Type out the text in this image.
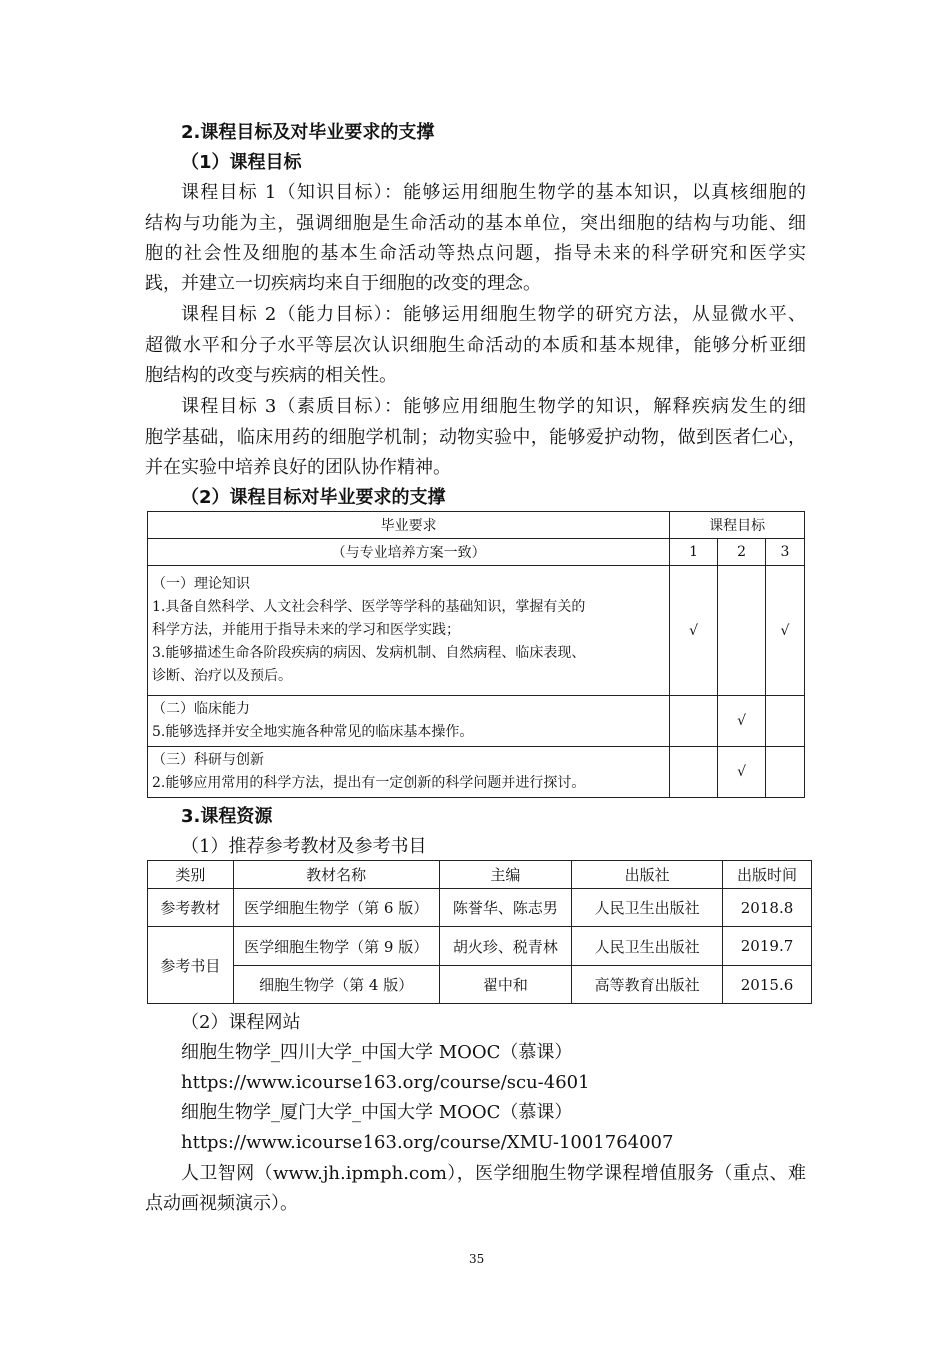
2.课程目标及对毕业要求的支撑
（1）课程目标
课程目标 1（知识目标）：能够运用细胞生物学的基本知识，以真核细胞的
结构与功能为主，强调细胞是生命活动的基本单位，突出细胞的结构与功能、细
胞的社会性及细胞的基本生命活动等热点问题，指导未来的科学研究和医学实
践，并建立一切疾病均来自于细胞的改变的理念。
课程目标 2（能力目标）：能够运用细胞生物学的研究方法，从显微水平、
超微水平和分子水平等层次认识细胞生命活动的本质和基本规律，能够分析亚细
胞结构的改变与疾病的相关性。
课程目标 3（素质目标）：能够应用细胞生物学的知识，解释疾病发生的细
胞学基础，临床用药的细胞学机制；动物实验中，能够爱护动物，做到医者仁心，
并在实验中培养良好的团队协作精神。
（2）课程目标对毕业要求的支撑
毕业要求	课程目标		
（与专业培养方案一致）	1	2	3

（一）理论知识
1.具备自然科学、人文社会科学、医学等学科的基础知识，掌握有关的
科学方法，并能用于指导未来的学习和医学实践；
3.能够描述生命各阶段疾病的病因、发病机制、自然病程、临床表现、
诊断、治疗以及预后。	√		√

（二）临床能力
5.能够选择并安全地实施各种常见的临床基本操作。		√	

（三）科研与创新
2.能够应用常用的科学方法，提出有一定创新的科学问题并进行探讨。		√	
3.课程资源
（1）推荐参考教材及参考书目
类别	教材名称	主编	出版社	出版时间
参考教材	医学细胞生物学（第 6 版）	陈誉华、陈志男	人民卫生出版社	2018.8
参考书目	医学细胞生物学（第 9 版）	胡火珍、税青林	人民卫生出版社	2019.7
	细胞生物学（第 4 版）	翟中和	高等教育出版社	2015.6
（2）课程网站
细胞生物学_四川大学_中国大学 MOOC（慕课）
https://www.icourse163.org/course/scu-4601
细胞生物学_厦门大学_中国大学 MOOC（慕课）
https://www.icourse163.org/course/XMU-1001764007
人卫智网（www.jh.ipmph.com），医学细胞生物学课程增值服务（重点、难
点动画视频演示）。
35
